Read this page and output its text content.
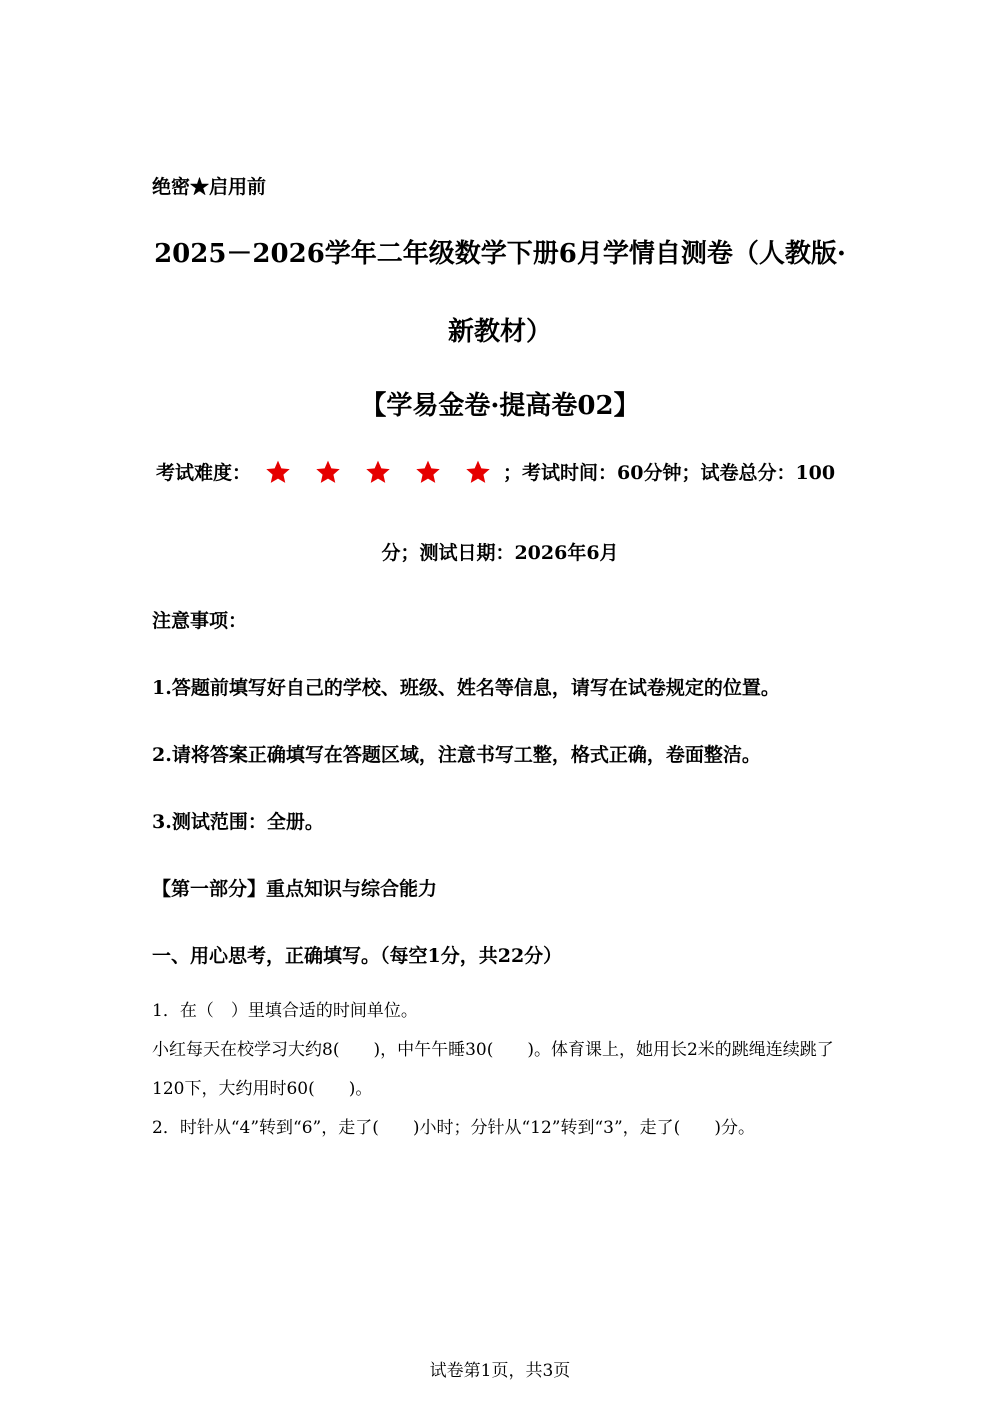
绝密★启用前
2025－2026学年二年级数学下册6月学情自测卷（人教版·
新教材）
【学易金卷·提高卷02】
考试难度：	；考试时间：60分钟；试卷总分：100
分；测试日期：2026年6月
注意事项：
1.答题前填写好自己的学校、班级、姓名等信息，请写在试卷规定的位置。
2.请将答案正确填写在答题区域，注意书写工整，格式正确，卷面整洁。
3.测试范围：全册。
【第一部分】重点知识与综合能力
一、用心思考，正确填写。（每空1分，共22分）
1．在（　）里填合适的时间单位。
小红每天在校学习大约8(　　)，中午午睡30(　　)。体育课上，她用长2米的跳绳连续跳了
120下，大约用时60(　　)。
2．时针从“4”转到“6”，走了(　　)小时；分针从“12”转到“3”，走了(　　)分。
试卷第1页，共3页
